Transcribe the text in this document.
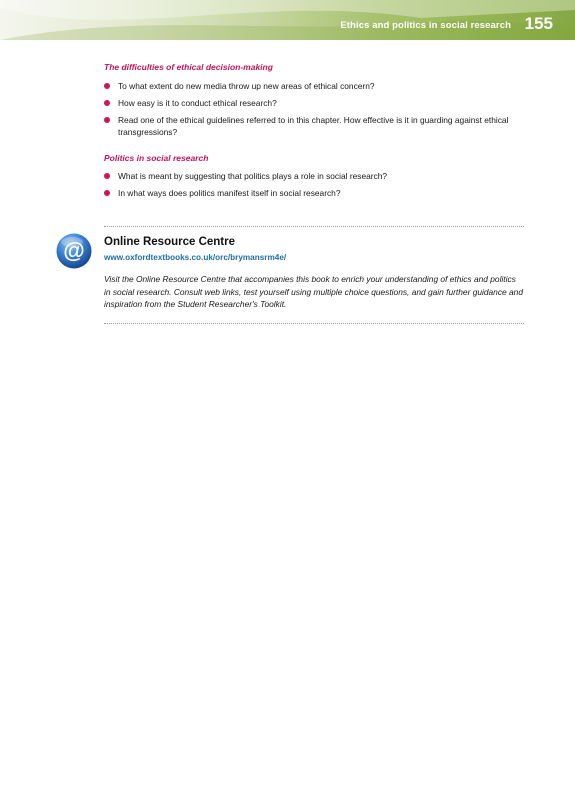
Ethics and politics in social research 155
The difficulties of ethical decision-making
To what extent do new media throw up new areas of ethical concern?
How easy is it to conduct ethical research?
Read one of the ethical guidelines referred to in this chapter. How effective is it in guarding against ethical transgressions?
Politics in social research
What is meant by suggesting that politics plays a role in social research?
In what ways does politics manifest itself in social research?
@ Online Resource Centre
www.oxfordtextbooks.co.uk/orc/brymansrm4e/

Visit the Online Resource Centre that accompanies this book to enrich your understanding of ethics and politics in social research. Consult web links, test yourself using multiple choice questions, and gain further guidance and inspiration from the Student Researcher's Toolkit.
